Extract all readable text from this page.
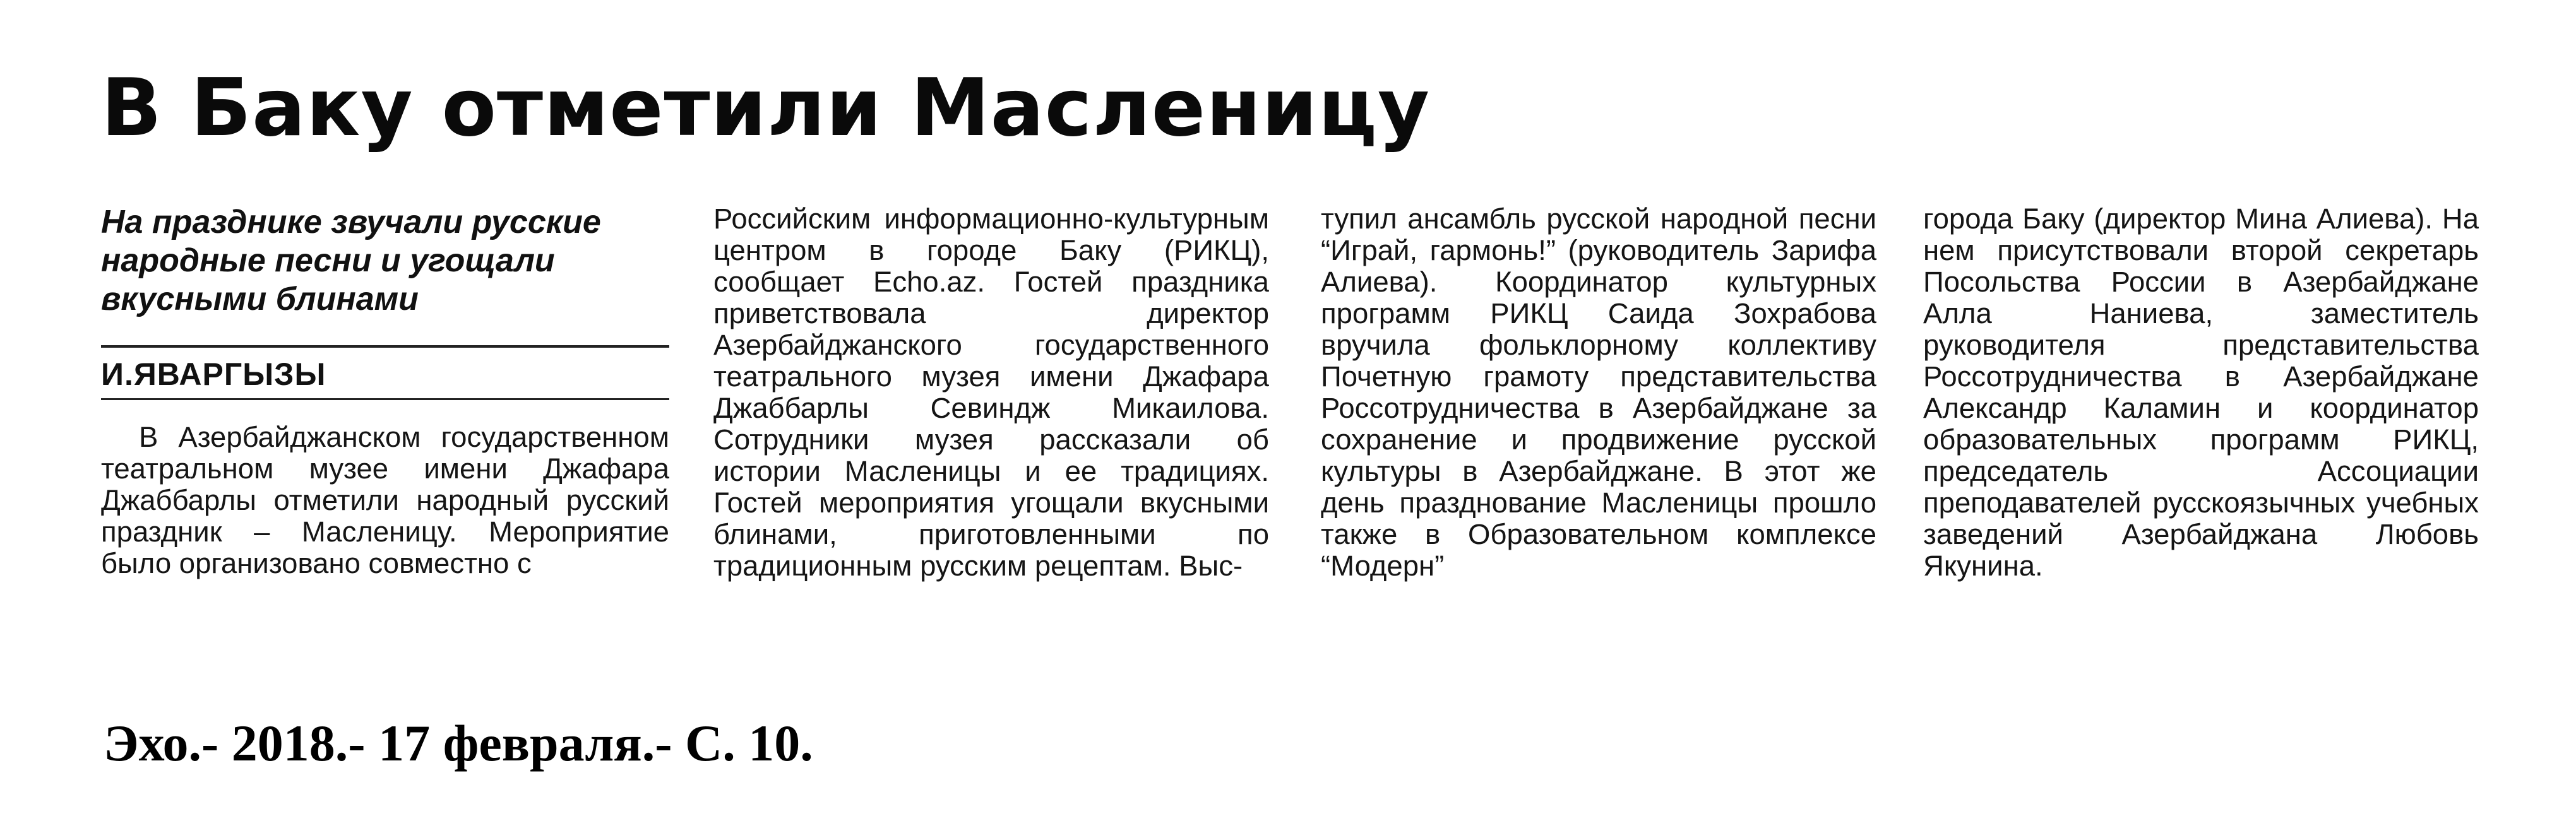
В Баку отметили Масленицу

На празднике звучали русские народные песни и угощали вкусными блинами

И.ЯВАРГЫЗЫ

В Азербайджанском государственном театральном музее имени Джафара Джаббарлы отметили народный русский праздник – Масленицу. Мероприятие было организовано совместно с

Российским информационно-культурным центром в городе Баку (РИКЦ), сообщает Echo.az. Гостей праздника приветствовала директор Азербайджанского государственного театрального музея имени Джафара Джаббарлы Севиндж Микаилова. Сотрудники музея рассказали об истории Масленицы и ее традициях. Гостей мероприятия угощали вкусными блинами, приготовленными по традиционным русским рецептам. Выс-

тупил ансамбль русской народной песни “Играй, гармонь!” (руководитель Зарифа Алиева). Координатор культурных программ РИКЦ Саида Зохрабова вручила фольклорному коллективу Почетную грамоту представительства Россотрудничества в Азербайджане за сохранение и продвижение русской культуры в Азербайджане. В этот же день празднование Масленицы прошло также в Образовательном комплексе “Модерн”

города Баку (директор Мина Алиева). На нем присутствовали второй секретарь Посольства России в Азербайджане Алла Наниева, заместитель руководителя представительства Россотрудничества в Азербайджане Александр Каламин и координатор образовательных программ РИКЦ, председатель Ассоциации преподавателей русскоязычных учебных заведений Азербайджана Любовь Якунина.

Эхо.- 2018.- 17 февраля.- С. 10.
